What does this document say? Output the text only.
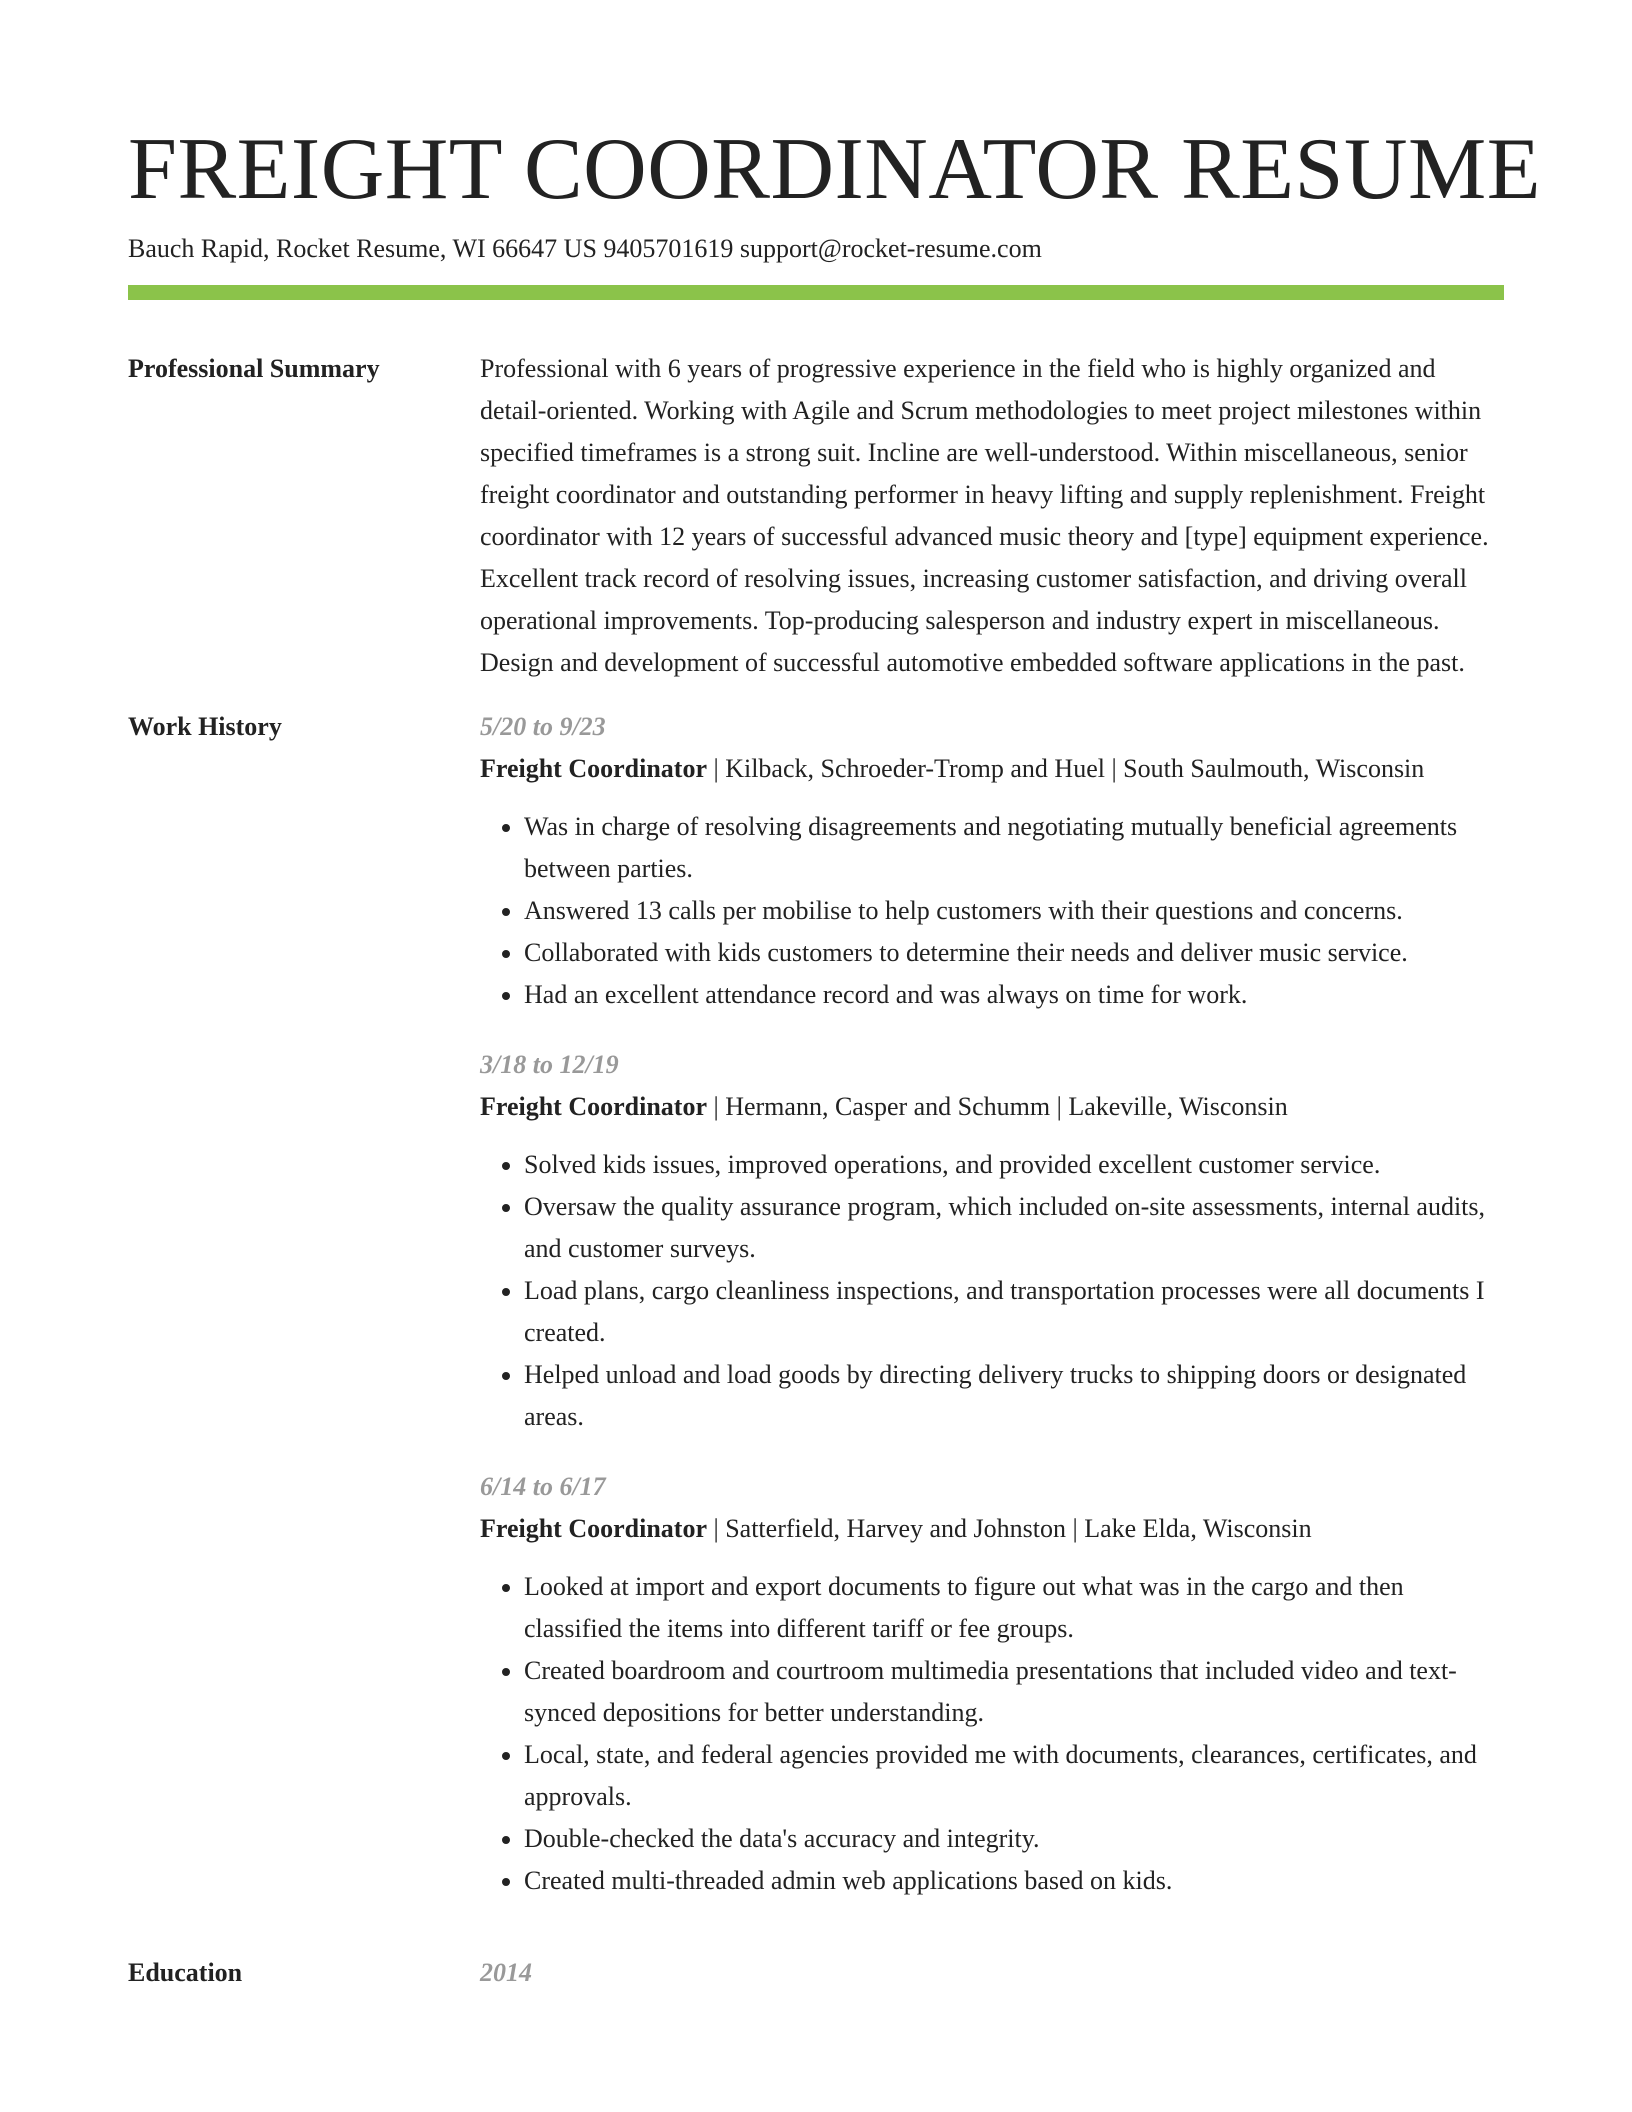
FREIGHT COORDINATOR RESUME
Bauch Rapid, Rocket Resume, WI 66647 US 9405701619 support@rocket-resume.com
Professional Summary	Professional with 6 years of progressive experience in the field who is highly organized and detail-oriented. Working with Agile and Scrum methodologies to meet project milestones within specified timeframes is a strong suit. Incline are well-understood. Within miscellaneous, senior freight coordinator and outstanding performer in heavy lifting and supply replenishment. Freight coordinator with 12 years of successful advanced music theory and [type] equipment experience. Excellent track record of resolving issues, increasing customer satisfaction, and driving overall operational improvements. Top-producing salesperson and industry expert in miscellaneous. Design and development of successful automotive embedded software applications in the past.

Work History	5/20 to 9/23
Freight Coordinator | Kilback, Schroeder-Tromp and Huel | South Saulmouth, Wisconsin
• Was in charge of resolving disagreements and negotiating mutually beneficial agreements between parties.
• Answered 13 calls per mobilise to help customers with their questions and concerns.
• Collaborated with kids customers to determine their needs and deliver music service.
• Had an excellent attendance record and was always on time for work.
3/18 to 12/19
Freight Coordinator | Hermann, Casper and Schumm | Lakeville, Wisconsin
• Solved kids issues, improved operations, and provided excellent customer service.
• Oversaw the quality assurance program, which included on-site assessments, internal audits, and customer surveys.
• Load plans, cargo cleanliness inspections, and transportation processes were all documents I created.
• Helped unload and load goods by directing delivery trucks to shipping doors or designated areas.
6/14 to 6/17
Freight Coordinator | Satterfield, Harvey and Johnston | Lake Elda, Wisconsin
• Looked at import and export documents to figure out what was in the cargo and then classified the items into different tariff or fee groups.
• Created boardroom and courtroom multimedia presentations that included video and text-synced depositions for better understanding.
• Local, state, and federal agencies provided me with documents, clearances, certificates, and approvals.
• Double-checked the data's accuracy and integrity.
• Created multi-threaded admin web applications based on kids.
Education	2014
